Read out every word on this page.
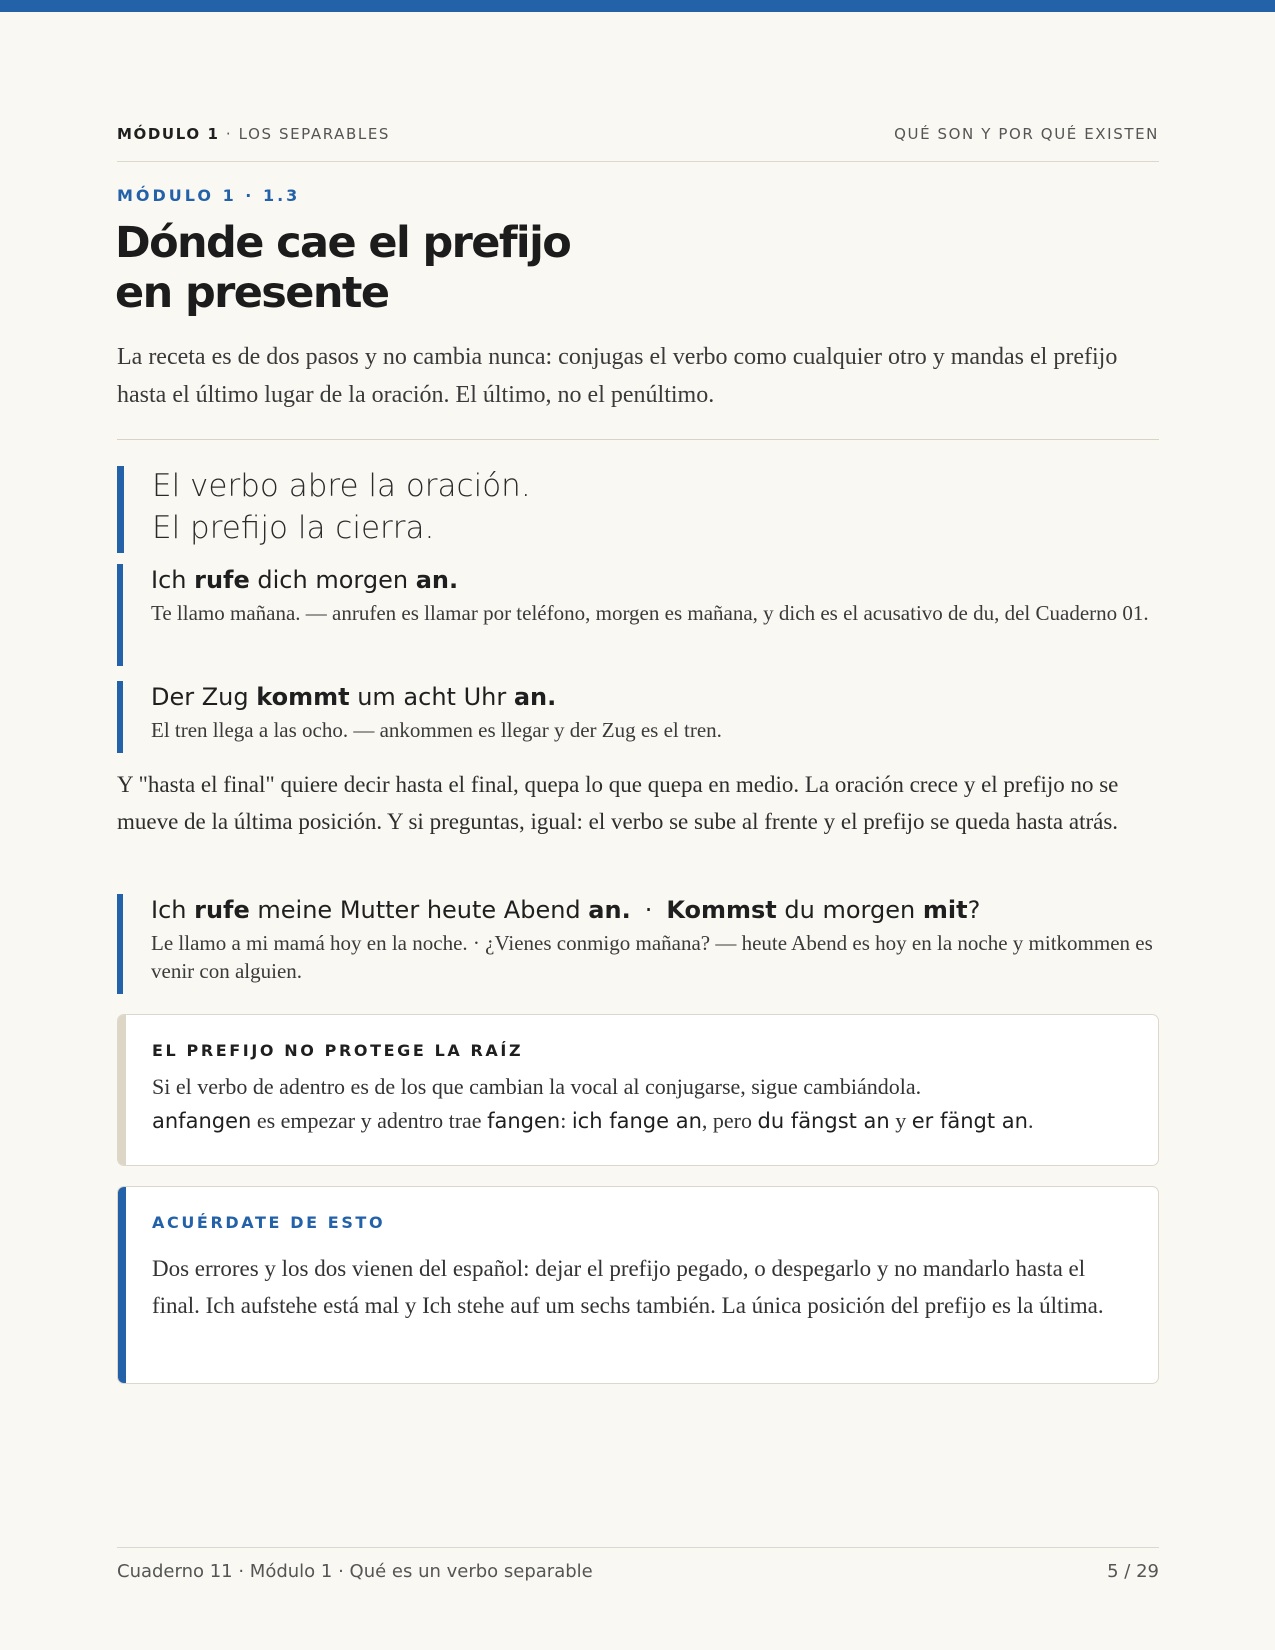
MÓDULO 1 · LOS SEPARABLES	QUÉ SON Y POR QUÉ EXISTEN
MÓDULO 1 · 1.3
Dónde cae el prefijo
en presente

La receta es de dos pasos y no cambia nunca: conjugas el verbo como cualquier otro y mandas el prefijo hasta el último lugar de la oración. El último, no el penúltimo.

El verbo abre la oración.
El prefijo la cierra.
Ich rufe dich morgen an.
Te llamo mañana. — anrufen es llamar por teléfono, morgen es mañana, y dich es el acusativo de du, del Cuaderno 01.
Der Zug kommt um acht Uhr an.
El tren llega a las ocho. — ankommen es llegar y der Zug es el tren.

Y "hasta el final" quiere decir hasta el final, quepa lo que quepa en medio. La oración crece y el prefijo no se mueve de la última posición. Y si preguntas, igual: el verbo se sube al frente y el prefijo se queda hasta atrás.

Ich rufe meine Mutter heute Abend an. · Kommst du morgen mit?
Le llamo a mi mamá hoy en la noche. · ¿Vienes conmigo mañana? — heute Abend es hoy en la noche y mitkommen es venir con alguien.
EL PREFIJO NO PROTEGE LA RAÍZ
Si el verbo de adentro es de los que cambian la vocal al conjugarse, sigue cambiándola.
anfangen es empezar y adentro trae fangen: ich fange an, pero du fängst an y er fängt an.
ACUÉRDATE DE ESTO
Dos errores y los dos vienen del español: dejar el prefijo pegado, o despegarlo y no mandarlo hasta el final. Ich aufstehe está mal y Ich stehe auf um sechs también. La única posición del prefijo es la última.
Cuaderno 11 · Módulo 1 · Qué es un verbo separable	5 / 29
